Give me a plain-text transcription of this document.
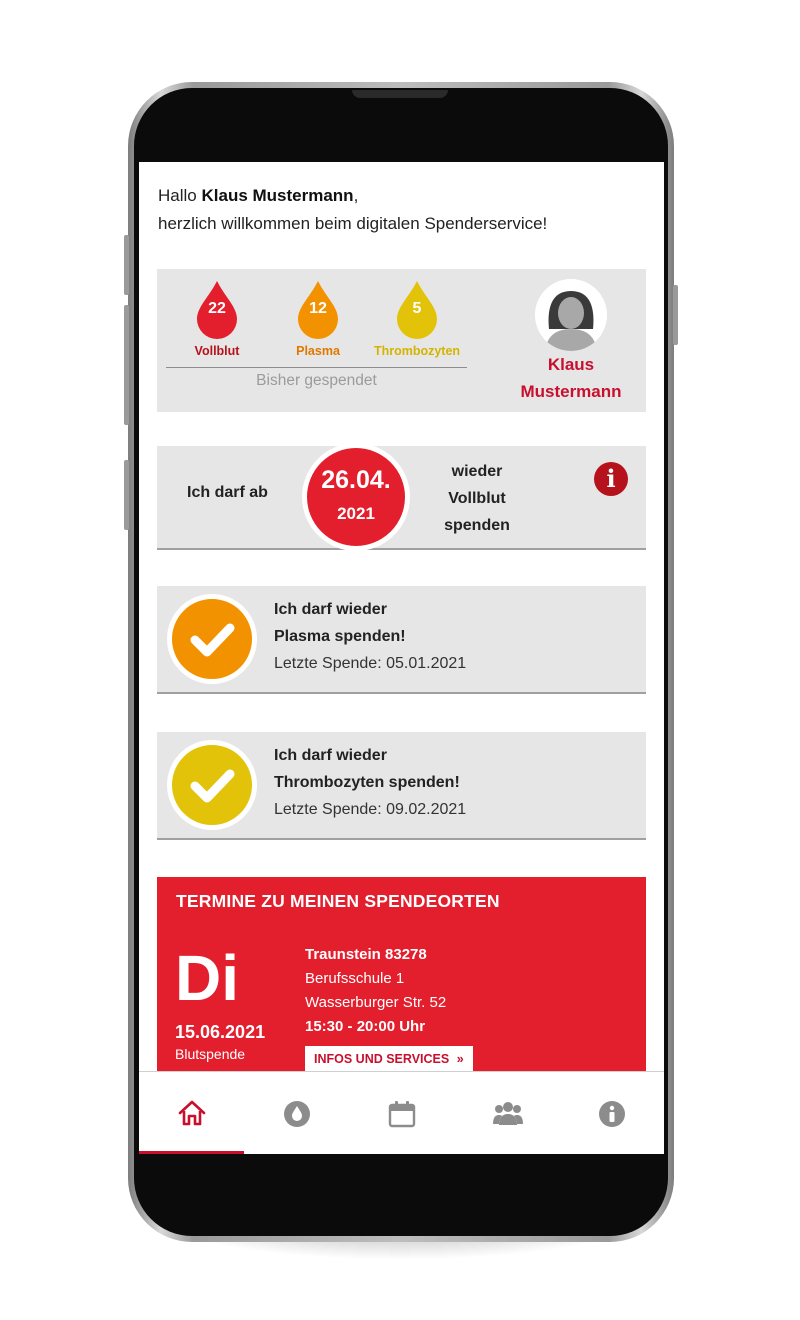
Hallo Klaus Mustermann,
herzlich willkommen beim digitalen Spenderservice!
22
Vollblut
12
Plasma
5
Thrombozyten
Bisher gespendet
Klaus
Mustermann
Ich darf ab	26.04.
2021
wieder
Vollblut
spenden
i
Ich darf wieder
Plasma spenden!
Letzte Spende: 05.01.2021
Ich darf wieder
Thrombozyten spenden!
Letzte Spende: 09.02.2021
TERMINE ZU MEINEN SPENDEORTEN
Di
15.06.2021
Blutspende
Traunstein 83278
Berufsschule 1
Wasserburger Str. 52
15:30 - 20:00 Uhr
INFOS UND SERVICES »
